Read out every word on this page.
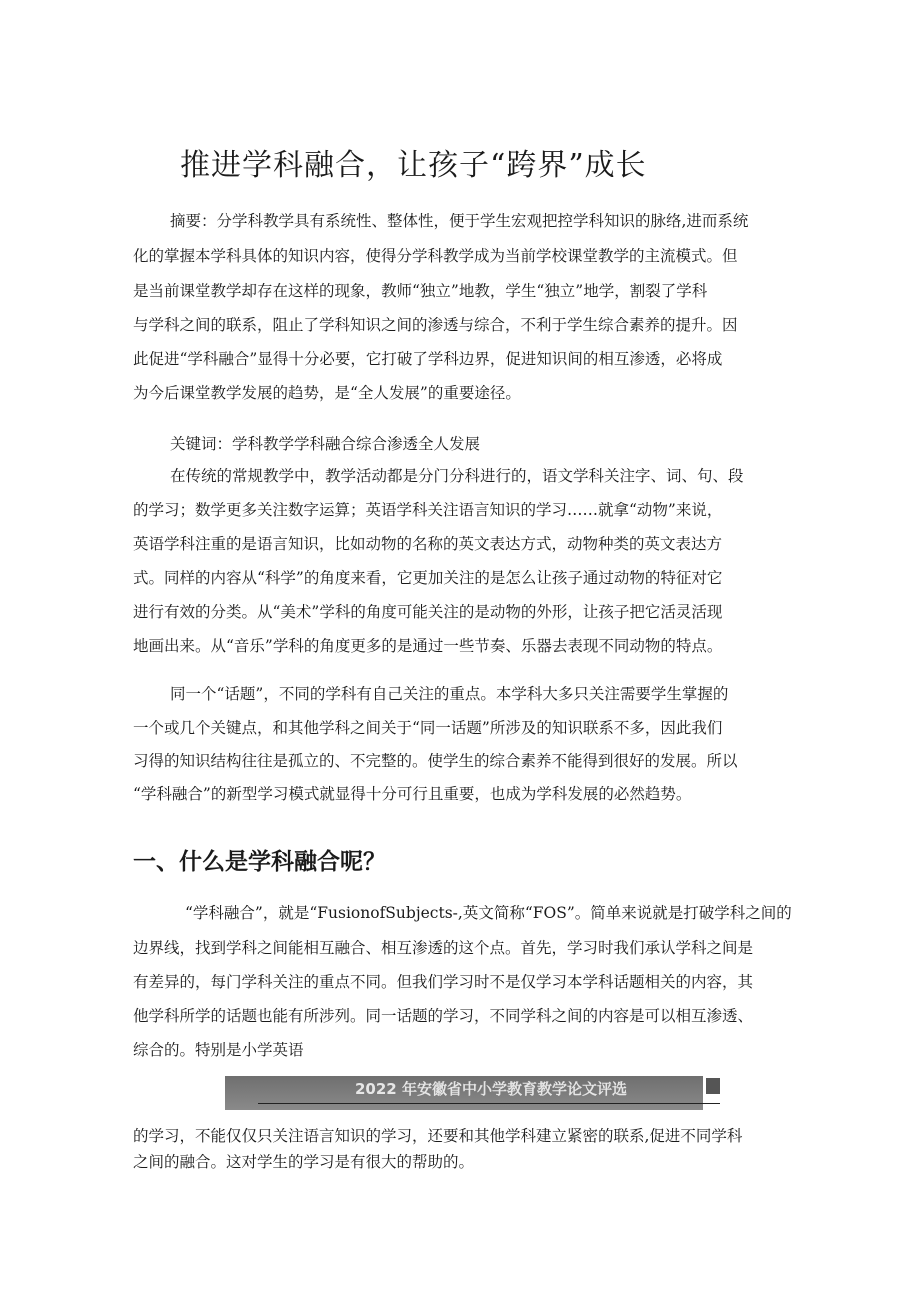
推进学科融合，让孩子“跨界”成长
摘要：分学科教学具有系统性、整体性，便于学生宏观把控学科知识的脉络,进而系统
化的掌握本学科具体的知识内容，使得分学科教学成为当前学校课堂教学的主流模式。但
是当前课堂教学却存在这样的现象，教师“独立”地教，学生“独立”地学，割裂了学科
与学科之间的联系，阻止了学科知识之间的渗透与综合，不利于学生综合素养的提升。因
此促进“学科融合”显得十分必要，它打破了学科边界，促进知识间的相互渗透，必将成
为今后课堂教学发展的趋势，是“全人发展”的重要途径。
关键词：学科教学学科融合综合渗透全人发展
在传统的常规教学中，教学活动都是分门分科进行的，语文学科关注字、词、句、段
的学习；数学更多关注数字运算；英语学科关注语言知识的学习……就拿“动物”来说，
英语学科注重的是语言知识，比如动物的名称的英文表达方式，动物种类的英文表达方
式。同样的内容从“科学”的角度来看，它更加关注的是怎么让孩子通过动物的特征对它
进行有效的分类。从“美术”学科的角度可能关注的是动物的外形，让孩子把它活灵活现
地画出来。从“音乐”学科的角度更多的是通过一些节奏、乐器去表现不同动物的特点。
同一个“话题”，不同的学科有自己关注的重点。本学科大多只关注需要学生掌握的
一个或几个关键点，和其他学科之间关于“同一话题”所涉及的知识联系不多，因此我们
习得的知识结构往往是孤立的、不完整的。使学生的综合素养不能得到很好的发展。所以
“学科融合”的新型学习模式就显得十分可行且重要，也成为学科发展的必然趋势。
一、什么是学科融合呢？
“学科融合”，就是“FusionofSubjects-,英文简称“FOS”。简单来说就是打破学科之间的
边界线，找到学科之间能相互融合、相互渗透的这个点。首先，学习时我们承认学科之间是
有差异的，每门学科关注的重点不同。但我们学习时不是仅学习本学科话题相关的内容，其
他学科所学的话题也能有所涉列。同一话题的学习，不同学科之间的内容是可以相互渗透、
综合的。特别是小学英语
2022 年安徽省中小学教育教学论文评选
的学习，不能仅仅只关注语言知识的学习，还要和其他学科建立紧密的联系,促进不同学科
之间的融合。这对学生的学习是有很大的帮助的。
